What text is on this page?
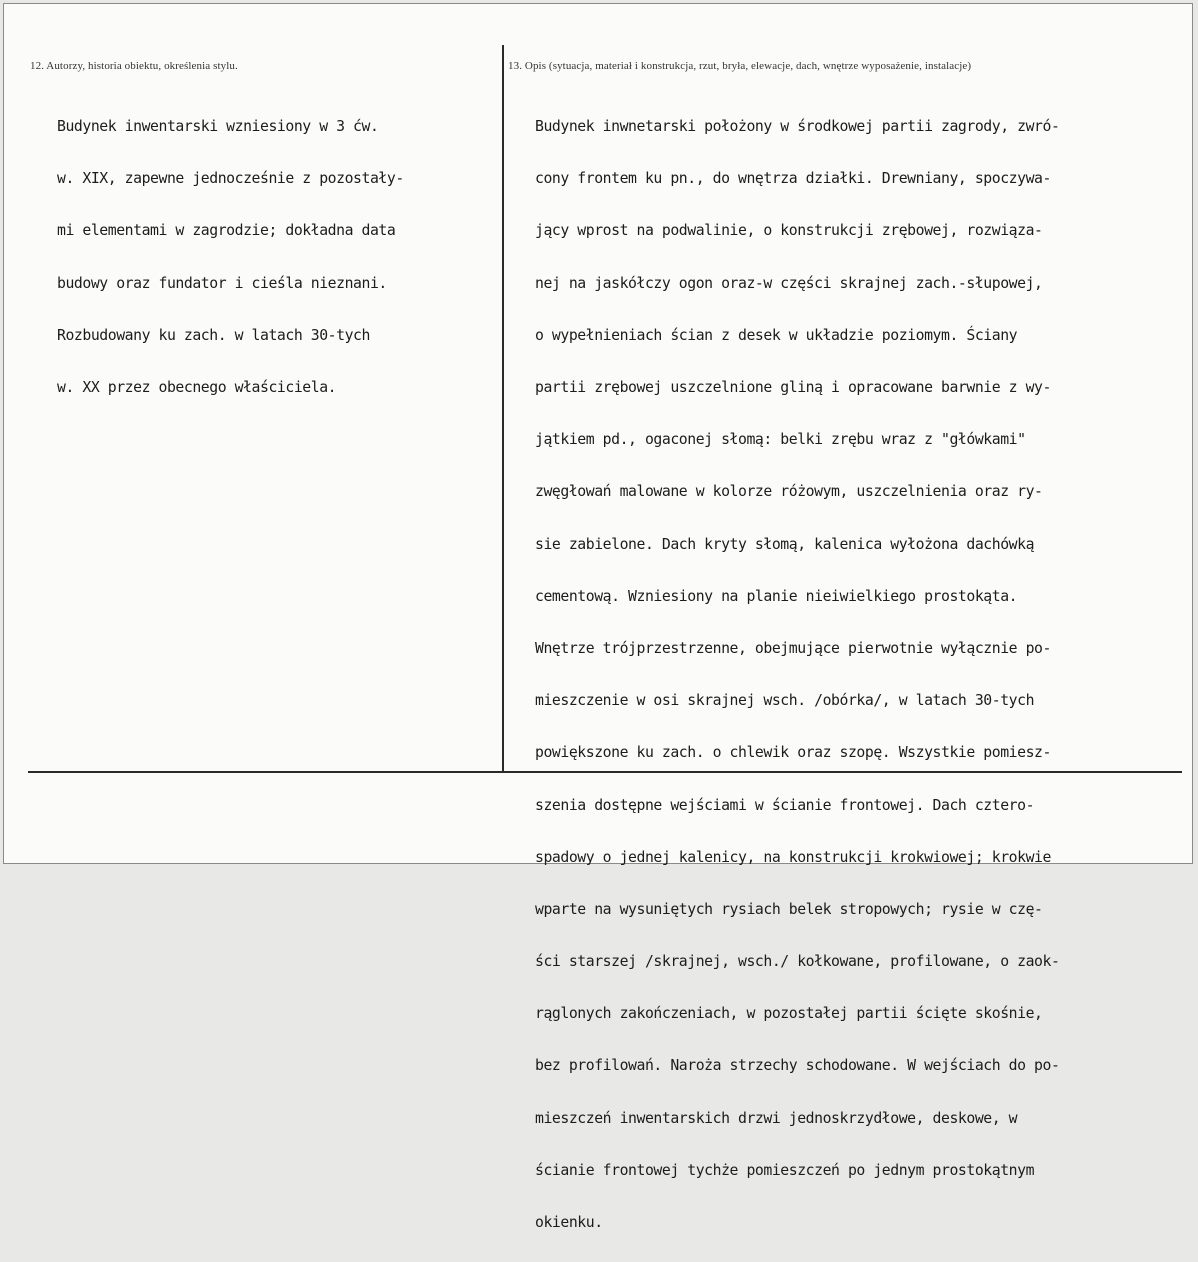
12. Autorzy, historia obiektu, określenia stylu.	13. Opis (sytuacja, materiał i konstrukcja, rzut, bryła, elewacje, dach, wnętrze wyposażenie, instalacje)

Budynek inwentarski wzniesiony w 3 ćw.

w. XIX, zapewne jednocześnie z pozostały-

mi elementami w zagrodzie; dokładna data

budowy oraz fundator i cieśla nieznani.

Rozbudowany ku zach. w latach 30-tych

w. XX przez obecnego właściciela.

Budynek inwnetarski położony w środkowej partii zagrody, zwró-

cony frontem ku pn., do wnętrza działki. Drewniany, spoczywa-

jący wprost na podwalinie, o konstrukcji zrębowej, rozwiąza-

nej na jaskółczy ogon oraz-w części skrajnej zach.-słupowej,

o wypełnieniach ścian z desek w układzie poziomym. Ściany

partii zrębowej uszczelnione gliną i opracowane barwnie z wy-

jątkiem pd., ogaconej słomą: belki zrębu wraz z "główkami"

zwęgłowań malowane w kolorze różowym, uszczelnienia oraz ry-

sie zabielone. Dach kryty słomą, kalenica wyłożona dachówką

cementową. Wzniesiony na planie nieiwielkiego prostokąta.

Wnętrze trójprzestrzenne, obejmujące pierwotnie wyłącznie po-

mieszczenie w osi skrajnej wsch. /obórka/, w latach 30-tych

powiększone ku zach. o chlewik oraz szopę. Wszystkie pomiesz-

szenia dostępne wejściami w ścianie frontowej. Dach cztero-

spadowy o jednej kalenicy, na konstrukcji krokwiowej; krokwie

wparte na wysuniętych rysiach belek stropowych; rysie w czę-

ści starszej /skrajnej, wsch./ kołkowane, profilowane, o zaok-

rąglonych zakończeniach, w pozostałej partii ścięte skośnie,

bez profilowań. Naroża strzechy schodowane. W wejściach do po-

mieszczeń inwentarskich drzwi jednoskrzydłowe, deskowe, w

ścianie frontowej tychże pomieszczeń po jednym prostokątnym

okienku.
